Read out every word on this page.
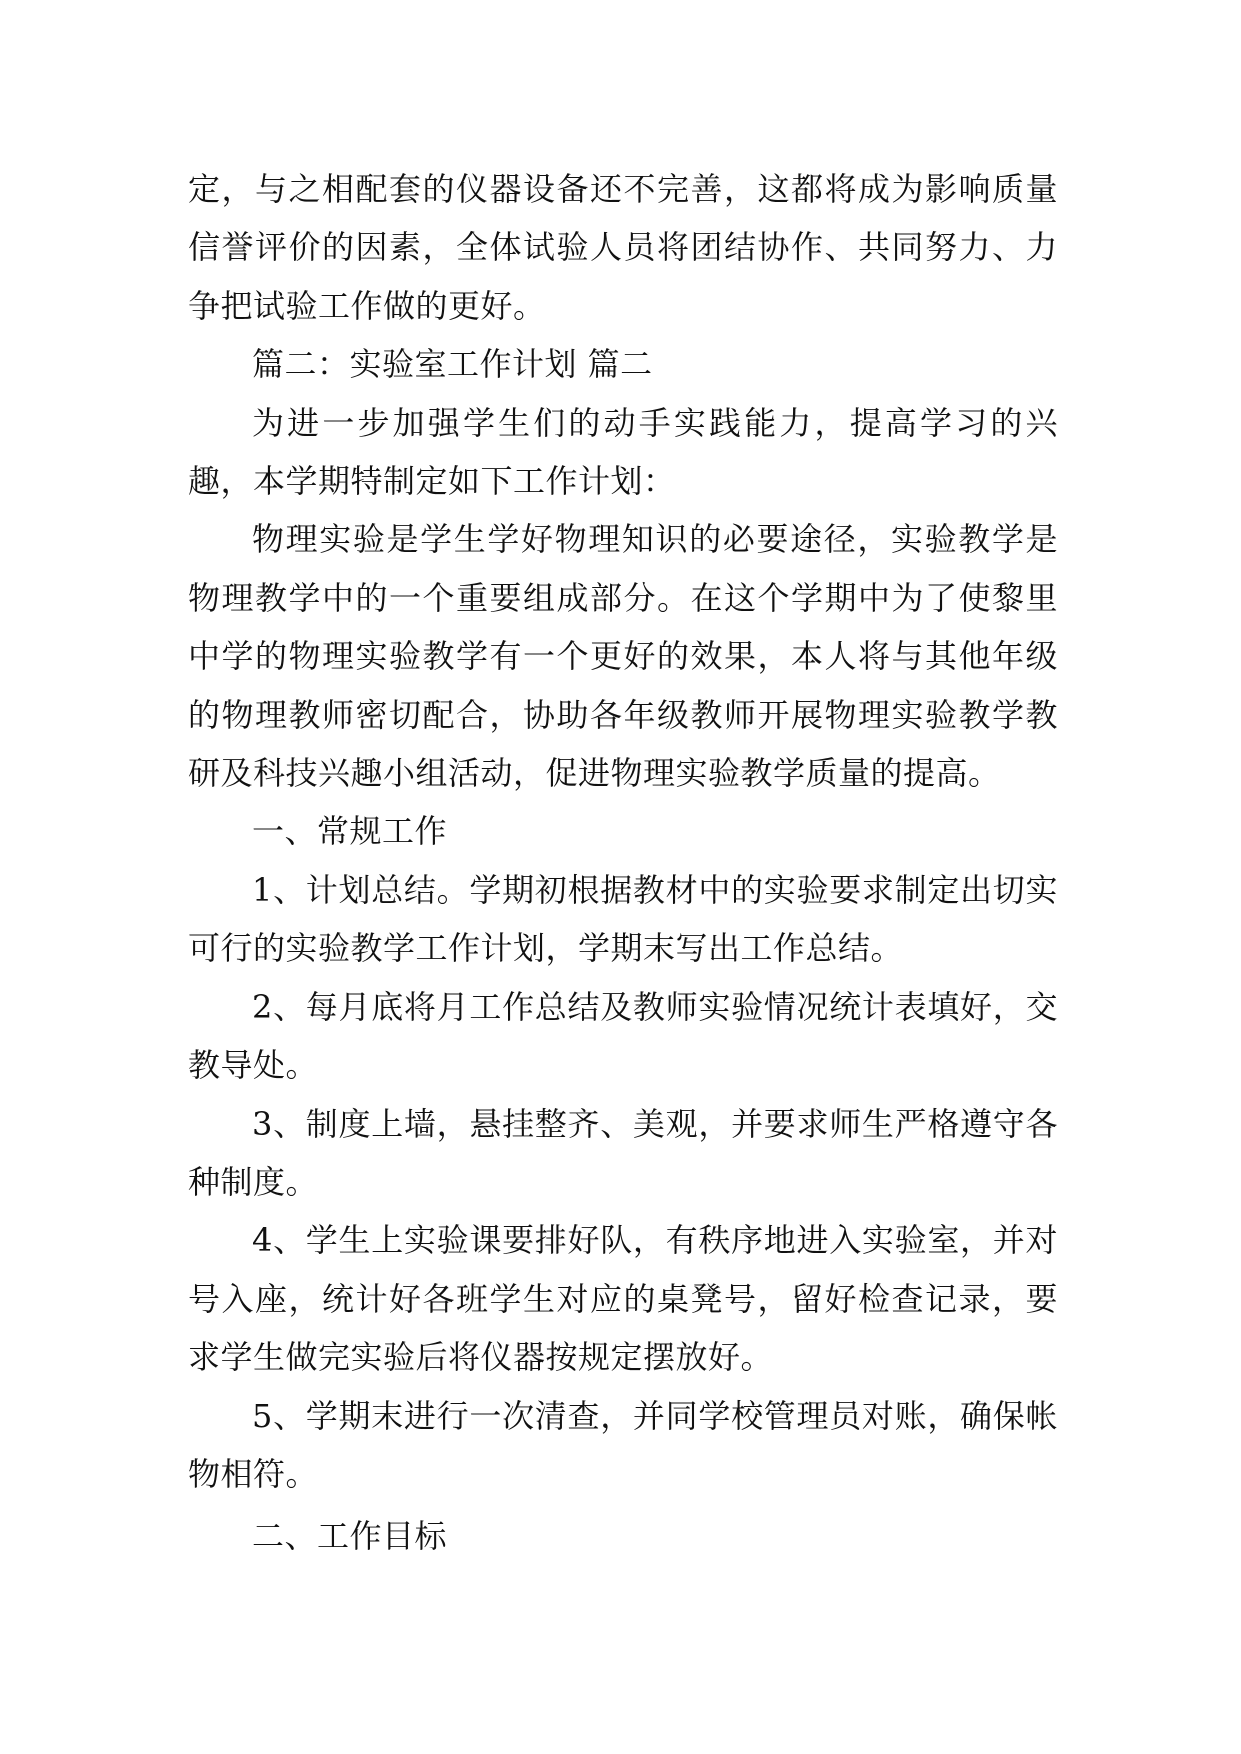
定，与之相配套的仪器设备还不完善，这都将成为影响质量信誉评价的因素，全体试验人员将团结协作、共同努力、力争把试验工作做的更好。

篇二：实验室工作计划 篇二

为进一步加强学生们的动手实践能力，提高学习的兴趣，本学期特制定如下工作计划：

物理实验是学生学好物理知识的必要途径，实验教学是物理教学中的一个重要组成部分。在这个学期中为了使黎里中学的物理实验教学有一个更好的效果，本人将与其他年级的物理教师密切配合，协助各年级教师开展物理实验教学教研及科技兴趣小组活动，促进物理实验教学质量的提高。

一、常规工作

1、计划总结。学期初根据教材中的实验要求制定出切实可行的实验教学工作计划，学期末写出工作总结。

2、每月底将月工作总结及教师实验情况统计表填好，交教导处。

3、制度上墙，悬挂整齐、美观，并要求师生严格遵守各种制度。

4、学生上实验课要排好队，有秩序地进入实验室，并对号入座，统计好各班学生对应的桌凳号，留好检查记录，要求学生做完实验后将仪器按规定摆放好。

5、学期末进行一次清查，并同学校管理员对账，确保帐物相符。

二、工作目标
